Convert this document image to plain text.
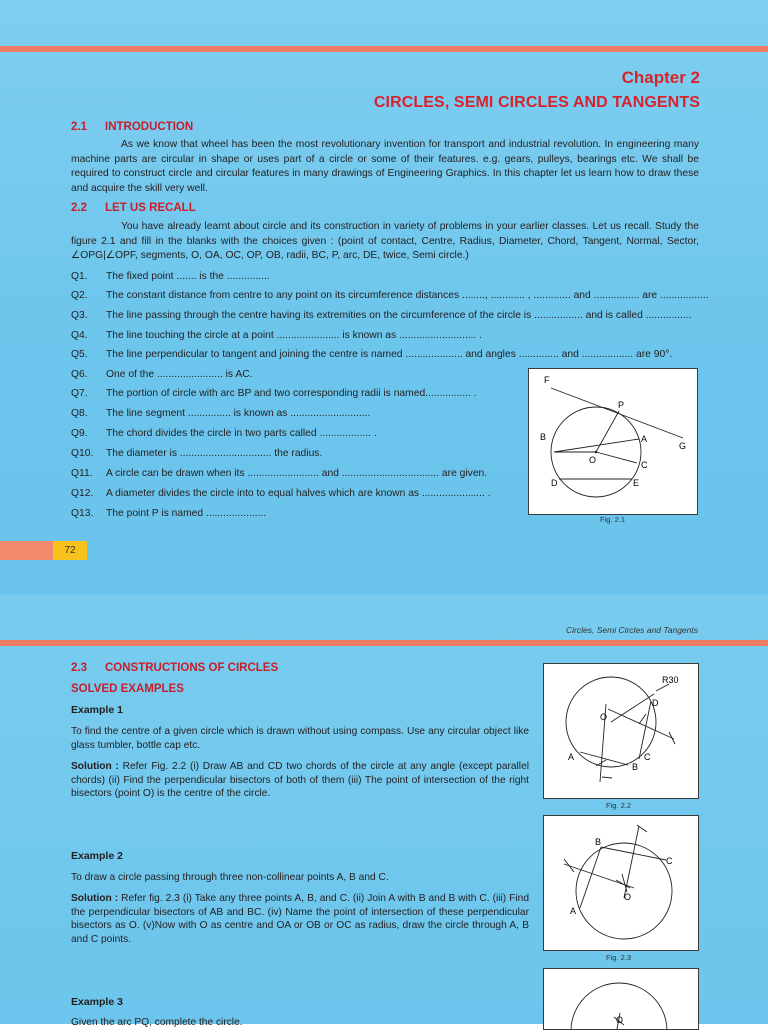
Chapter 2
CIRCLES, SEMI CIRCLES AND TANGENTS
2.1 INTRODUCTION
As we know that wheel has been the most revolutionary invention for transport and industrial revolution. In engineering many machine parts are circular in shape or uses part of a circle or some of their features. e.g. gears, pulleys, bearings etc. We shall be required to construct circle and circular features in many drawings of Engineering Graphics. In this chapter let us learn how to draw these and acquire the skill very well.
2.2 LET US RECALL
You have already learnt about circle and its construction in variety of problems in your earlier classes. Let us recall. Study the figure 2.1 and fill in the blanks with the choices given : (point of contact, Centre, Radius, Diameter, Chord, Tangent, Normal, Sector, ∠OPG|∠OPF, segments, O, OA, OC, OP, OB, radii, BC, P, arc, DE, twice, Semi circle.)
Q1. The fixed point ....... is the ...............
Q2. The constant distance from centre to any point on its circumference distances ........, ............ , ............. and ................ are .................
Q3. The line passing through the centre having its extremities on the circumference of the circle is ................. and is called ................
Q4. The line touching the circle at a point ...................... is known as ........................... .
Q5. The line perpendicular to tangent and joining the centre is named .................... and angles .............. and .................. are 90°.
Q6. One of the ....................... is AC.
Q7. The portion of circle with arc BP and two corresponding radii is named................ .
Q8. The line segment ............... is known as ............................
Q9. The chord divides the circle in two parts called .................. .
Q10. The diameter is ................................ the radius.
Q11. A circle can be drawn when its ......................... and .................................. are given.
Q12. A diameter divides the circle into to equal halves which are known as ...................... .
Q13. The point P is named .....................
F
P
B	A
G
O	C
D	E
Fig. 2.1
72
Circles, Semi Circles and Tangents
2.3 CONSTRUCTIONS OF CIRCLES
SOLVED EXAMPLES
Example 1
To find the centre of a given circle which is drawn without using compass. Use any circular object like glass tumbler, bottle cap etc.
Solution : Refer Fig. 2.2 (i) Draw AB and CD two chords of the circle at any angle (except parallel chords) (ii) Find the perpendicular bisectors of both of them (iii) The point of intersection of the right bisectors (point O) is the centre of the circle.
Example 2
To draw a circle passing through three non-collinear points A, B and C.
Solution : Refer fig. 2.3 (i) Take any three points A, B, and C. (ii) Join A with B and B with C. (iii) Find the perpendicular bisectors of AB and BC. (iv) Name the point of intersection of these perpendicular bisectors as O. (v)Now with O as centre and OA or OB or OC as radius, draw the circle through A, B and C points.
Example 3
Given the arc PQ, complete the circle.
R30
D
O
A
B
C
Fig. 2.2
B
C
A
O
Fig. 2.3
O
